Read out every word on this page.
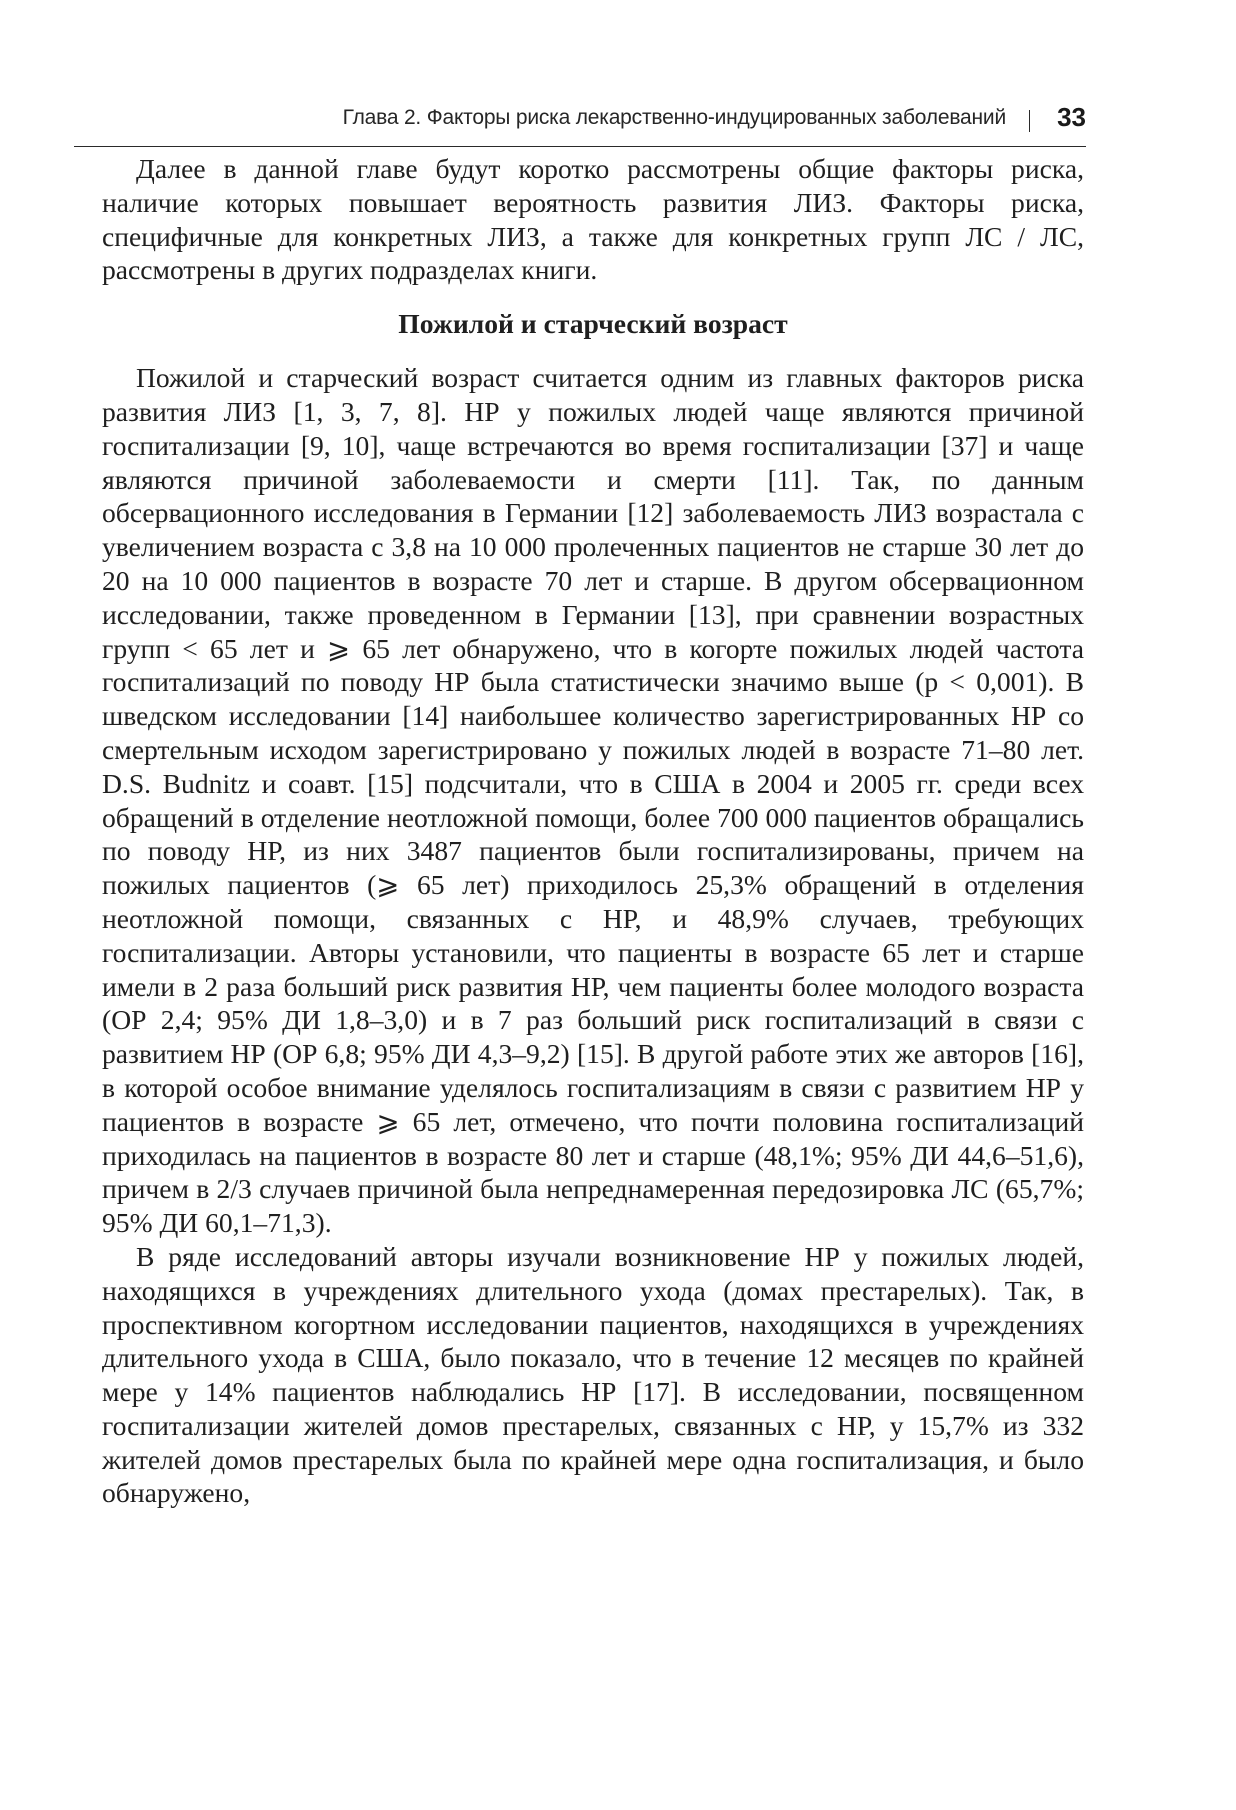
Глава 2. Факторы риска лекарственно-индуцированных заболеваний 33

Далее в данной главе будут коротко рассмотрены общие факторы риска, наличие которых повышает вероятность развития ЛИЗ. Факторы риска, специфичные для конкретных ЛИЗ, а также для конкретных групп ЛС / ЛС, рассмотрены в других подразделах книги.

Пожилой и старческий возраст

Пожилой и старческий возраст считается одним из главных факторов риска развития ЛИЗ [1, 3, 7, 8]. НР у пожилых людей чаще являются причиной госпитализации [9, 10], чаще встречаются во время госпитализации [37] и чаще являются причиной заболеваемости и смерти [11]. Так, по данным обсервационного исследования в Германии [12] заболеваемость ЛИЗ возрастала с увеличением возраста с 3,8 на 10 000 пролеченных пациентов не старше 30 лет до 20 на 10 000 пациентов в возрасте 70 лет и старше. В другом обсервационном исследовании, также проведенном в Германии [13], при сравнении возрастных групп < 65 лет и ⩾ 65 лет обнаружено, что в когорте пожилых людей частота госпитализаций по поводу НР была статистически значимо выше (p < 0,001). В шведском исследовании [14] наибольшее количество зарегистрированных НР со смертельным исходом зарегистрировано у пожилых людей в возрасте 71–80 лет. D.S. Budnitz и соавт. [15] подсчитали, что в США в 2004 и 2005 гг. среди всех обращений в отделение неотложной помощи, более 700 000 пациентов обращались по поводу НР, из них 3487 пациентов были госпитализированы, причем на пожилых пациентов (⩾ 65 лет) приходилось 25,3% обращений в отделения неотложной помощи, связанных с НР, и 48,9% случаев, требующих госпитализации. Авторы установили, что пациенты в возрасте 65 лет и старше имели в 2 раза больший риск развития НР, чем пациенты более молодого возраста (ОР 2,4; 95% ДИ 1,8–3,0) и в 7 раз больший риск госпитализаций в связи с развитием НР (ОР 6,8; 95% ДИ 4,3–9,2) [15]. В другой работе этих же авторов [16], в которой особое внимание уделялось госпитализациям в связи с развитием НР у пациентов в возрасте ⩾ 65 лет, отмечено, что почти половина госпитализаций приходилась на пациентов в возрасте 80 лет и старше (48,1%; 95% ДИ 44,6–51,6), причем в 2/3 случаев причиной была непреднамеренная передозировка ЛС (65,7%; 95% ДИ 60,1–71,3).

В ряде исследований авторы изучали возникновение НР у пожилых людей, находящихся в учреждениях длительного ухода (домах престарелых). Так, в проспективном когортном исследовании пациентов, находящихся в учреждениях длительного ухода в США, было показало, что в течение 12 месяцев по крайней мере у 14% пациентов наблюдались НР [17]. В исследовании, посвященном госпитализации жителей домов престарелых, связанных с НР, у 15,7% из 332 жителей домов престарелых была по крайней мере одна госпитализация, и было обнаружено,
